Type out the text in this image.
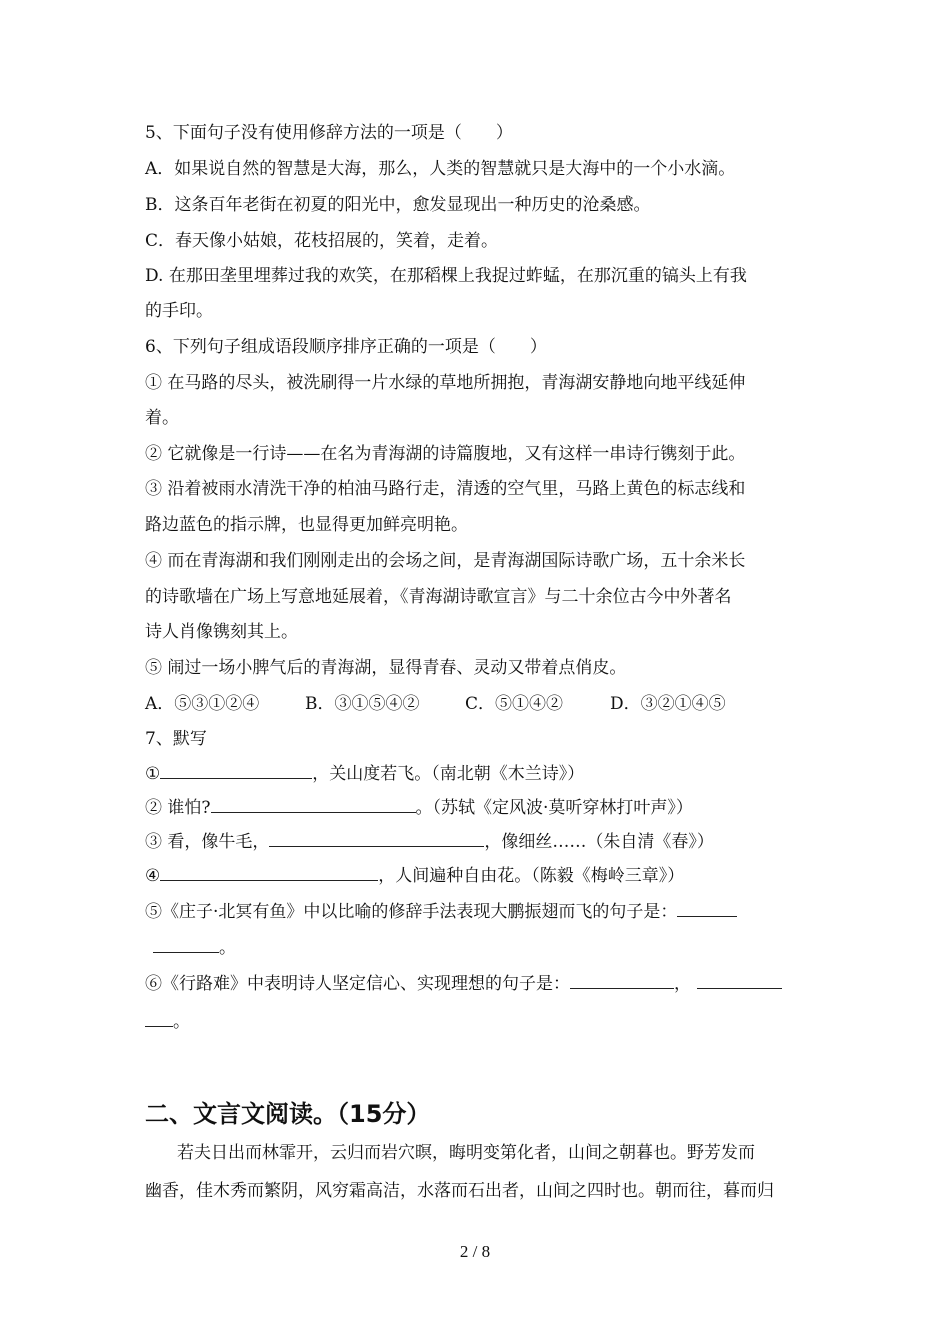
5、下面句子没有使用修辞方法的一项是（　　）
A．如果说自然的智慧是大海，那么，人类的智慧就只是大海中的一个小水滴。
B．这条百年老街在初夏的阳光中，愈发显现出一种历史的沧桑感。
C．春天像小姑娘，花枝招展的，笑着，走着。
D. 在那田垄里埋葬过我的欢笑，在那稻棵上我捉过蚱蜢，在那沉重的镐头上有我
的手印。
6、下列句子组成语段顺序排序正确的一项是（　　）
① 在马路的尽头，被洗刷得一片水绿的草地所拥抱，青海湖安静地向地平线延伸
着。
② 它就像是一行诗——在名为青海湖的诗篇腹地，又有这样一串诗行镌刻于此。
③ 沿着被雨水清洗干净的柏油马路行走，清透的空气里，马路上黄色的标志线和
路边蓝色的指示牌，也显得更加鲜亮明艳。
④ 而在青海湖和我们刚刚走出的会场之间，是青海湖国际诗歌广场，五十余米长
的诗歌墙在广场上写意地延展着，《青海湖诗歌宣言》与二十余位古今中外著名
诗人肖像镌刻其上。
⑤ 闹过一场小脾气后的青海湖，显得青春、灵动又带着点俏皮。
A．⑤③①②④	B．③①⑤④②	C．⑤①④②	D．③②①④⑤
7、默写
①	，关山度若飞。（南北朝《木兰诗》）
② 谁怕?	。（苏轼《定风波·莫听穿林打叶声》）
③ 看，像牛毛，	，像细丝……（朱自清《春》）
④	，人间遍种自由花。（陈毅《梅岭三章》）
⑤《庄子·北冥有鱼》中以比喻的修辞手法表现大鹏振翅而飞的句子是：
。
⑥《行路难》中表明诗人坚定信心、实现理想的句子是：	，
。
二、文言文阅读。（15分）
若夫日出而林霏开，云归而岩穴暝，晦明变第化者，山间之朝暮也。野芳发而
幽香，佳木秀而繁阴，风穷霜高洁，水落而石出者，山间之四时也。朝而往，暮而归
2 / 8
